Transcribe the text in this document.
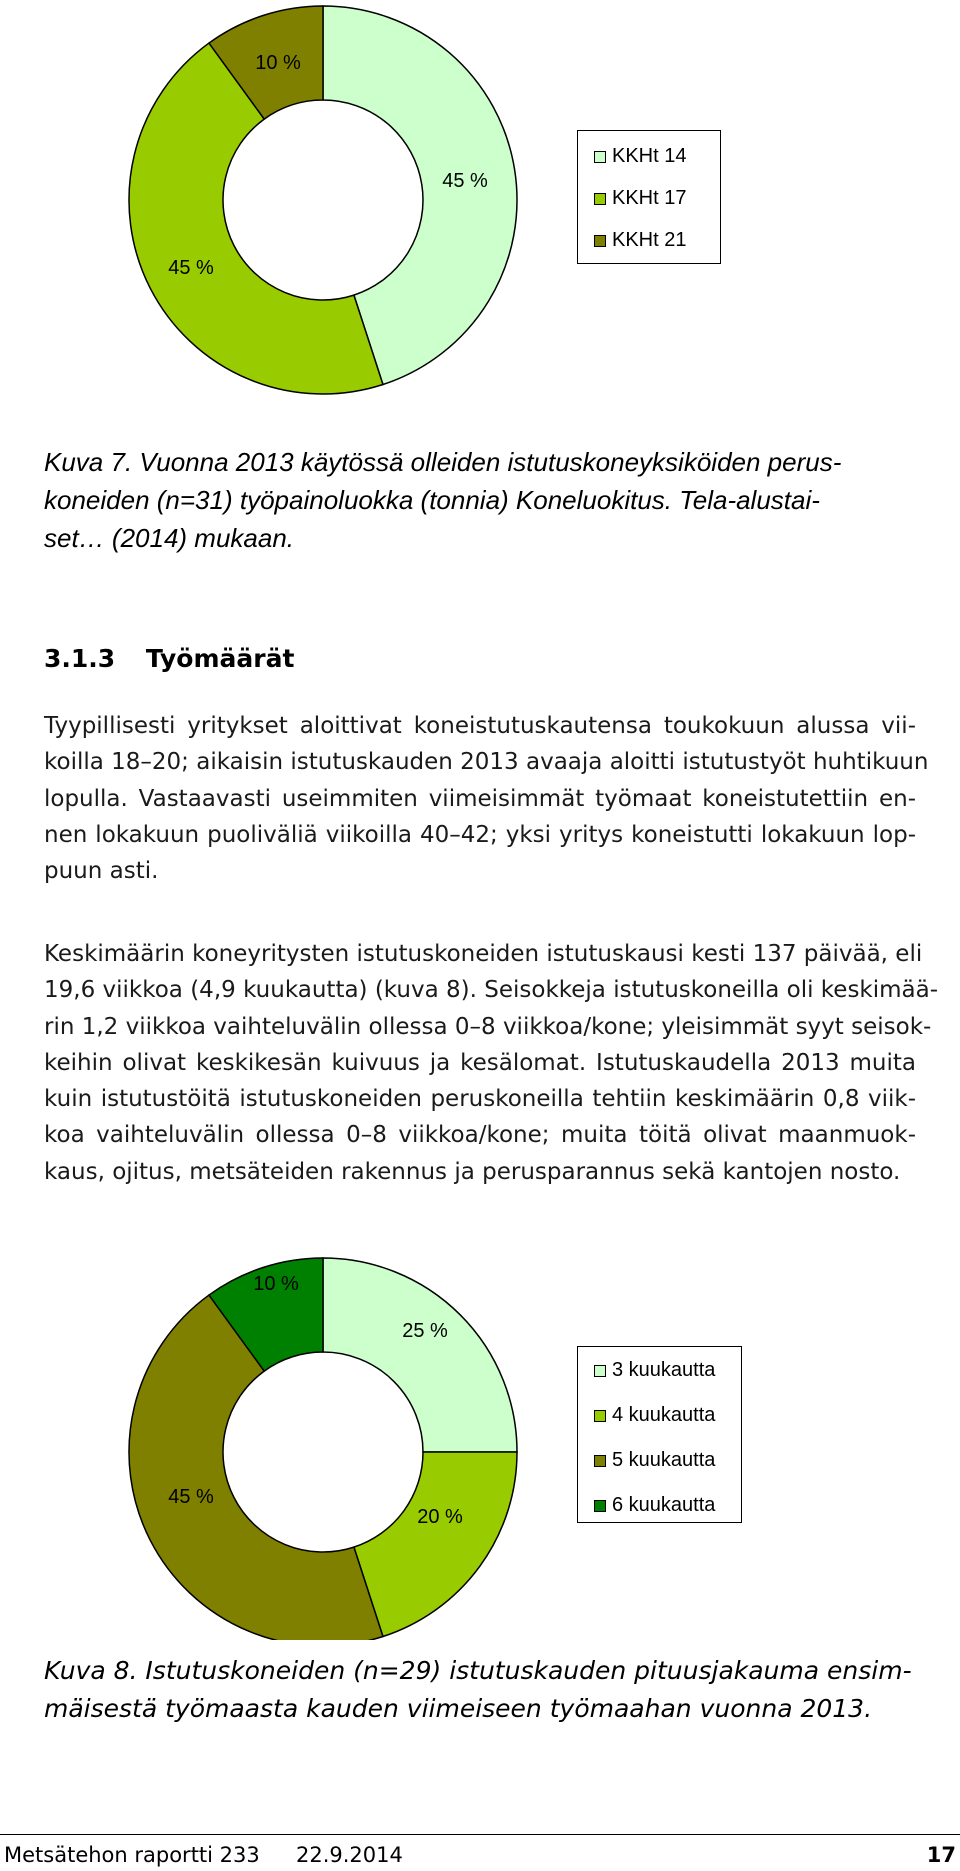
45 %
45 %
10 %
KKHt 14
KKHt 17
KKHt 21
Kuva 7. Vuonna 2013 käytössä olleiden istutuskoneyksiköiden perus-
koneiden (n=31) työpainoluokka (tonnia) Koneluokitus. Tela-alustai-
set… (2014) mukaan.
3.1.3 Työmäärät
Tyypillisesti yritykset aloittivat koneistutuskautensa toukokuun alussa vii-
koilla 18–20; aikaisin istutuskauden 2013 avaaja aloitti istutustyöt huhtikuun
lopulla. Vastaavasti useimmiten viimeisimmät työmaat koneistutettiin en-
nen lokakuun puoliväliä viikoilla 40–42; yksi yritys koneistutti lokakuun lop-
puun asti.
Keskimäärin koneyritysten istutuskoneiden istutuskausi kesti 137 päivää, eli
19,6 viikkoa (4,9 kuukautta) (kuva 8). Seisokkeja istutuskoneilla oli keskimää-
rin 1,2 viikkoa vaihteluvälin ollessa 0–8 viikkoa/kone; yleisimmät syyt seisok-
keihin olivat keskikesän kuivuus ja kesälomat. Istutuskaudella 2013 muita
kuin istutustöitä istutuskoneiden peruskoneilla tehtiin keskimäärin 0,8 viik-
koa vaihteluvälin ollessa 0–8 viikkoa/kone; muita töitä olivat maanmuok-
kaus, ojitus, metsäteiden rakennus ja perusparannus sekä kantojen nosto.
25 %
20 %
45 %
10 %
3 kuukautta
4 kuukautta
5 kuukautta
6 kuukautta
Kuva 8. Istutuskoneiden (n=29) istutuskauden pituusjakauma ensim-
mäisestä työmaasta kauden viimeiseen työmaahan vuonna 2013.
Metsätehon raportti 233 22.9.2014	17
